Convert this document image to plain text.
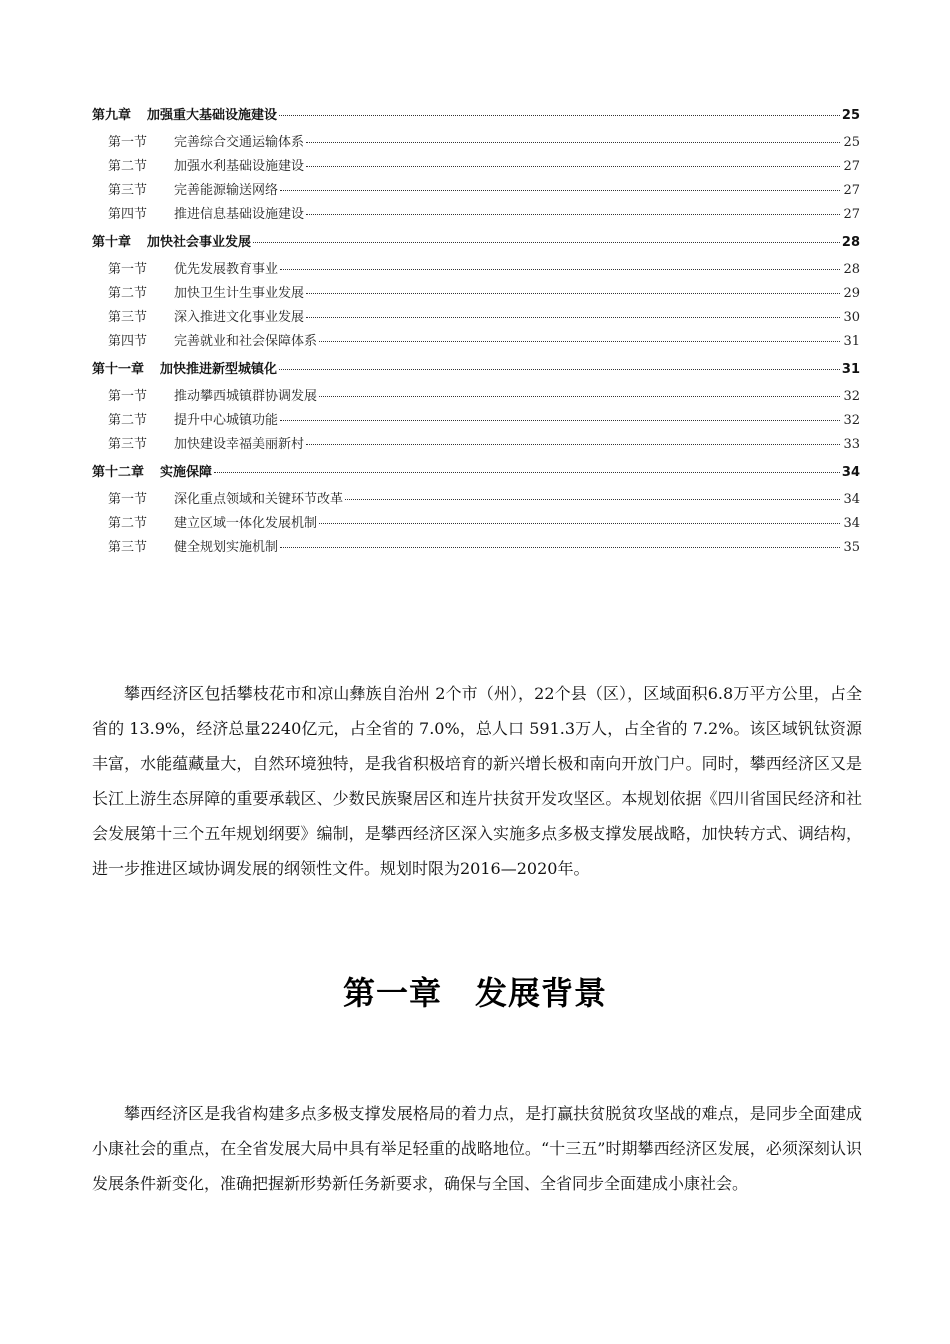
第九章 加强重大基础设施建设	25
第一节	完善综合交通运输体系	25
第二节	加强水利基础设施建设	27
第三节	完善能源输送网络	27
第四节	推进信息基础设施建设	27
第十章 加快社会事业发展	28
第一节	优先发展教育事业	28
第二节	加快卫生计生事业发展	29
第三节	深入推进文化事业发展	30
第四节	完善就业和社会保障体系	31
第十一章 加快推进新型城镇化	31
第一节	推动攀西城镇群协调发展	32
第二节	提升中心城镇功能	32
第三节	加快建设幸福美丽新村	33
第十二章 实施保障	34
第一节	深化重点领域和关键环节改革	34
第二节	建立区域一体化发展机制	34
第三节	健全规划实施机制	35

攀西经济区包括攀枝花市和凉山彝族自治州 2个市（州），22个县（区），区域面积6.8万平方公里，占全省的 13.9%，经济总量2240亿元，占全省的 7.0%，总人口 591.3万人，占全省的 7.2%。该区域钒钛资源丰富，水能蕴藏量大，自然环境独特，是我省积极培育的新兴增长极和南向开放门户。同时，攀西经济区又是长江上游生态屏障的重要承载区、少数民族聚居区和连片扶贫开发攻坚区。本规划依据《四川省国民经济和社会发展第十三个五年规划纲要》编制，是攀西经济区深入实施多点多极支撑发展战略，加快转方式、调结构，进一步推进区域协调发展的纲领性文件。规划时限为2016—2020年。

第一章　发展背景

攀西经济区是我省构建多点多极支撑发展格局的着力点，是打赢扶贫脱贫攻坚战的难点，是同步全面建成小康社会的重点，在全省发展大局中具有举足轻重的战略地位。“十三五”时期攀西经济区发展，必须深刻认识发展条件新变化，准确把握新形势新任务新要求，确保与全国、全省同步全面建成小康社会。
